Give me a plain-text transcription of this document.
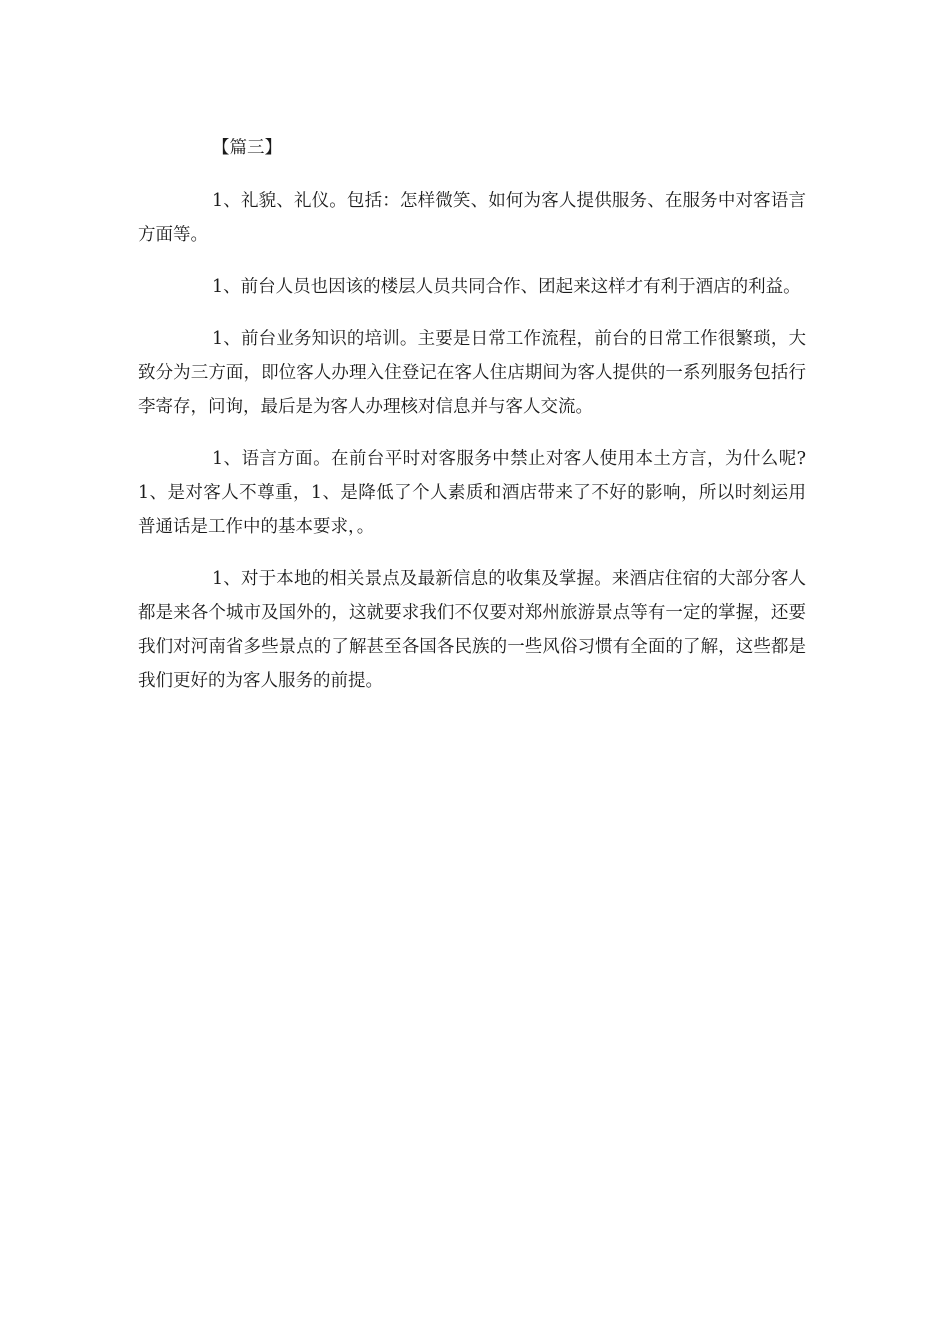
【篇三】

1、礼貌、礼仪。包括：怎样微笑、如何为客人提供服务、在服务中对客语言方面等。

1、前台人员也因该的楼层人员共同合作、团起来这样才有利于酒店的利益。

1、前台业务知识的培训。主要是日常工作流程，前台的日常工作很繁琐，大致分为三方面，即位客人办理入住登记在客人住店期间为客人提供的一系列服务包括行李寄存，问询，最后是为客人办理核对信息并与客人交流。

1、语言方面。在前台平时对客服务中禁止对客人使用本土方言，为什么呢?1、是对客人不尊重，1、是降低了个人素质和酒店带来了不好的影响，所以时刻运用普通话是工作中的基本要求，。

1、对于本地的相关景点及最新信息的收集及掌握。来酒店住宿的大部分客人都是来各个城市及国外的，这就要求我们不仅要对郑州旅游景点等有一定的掌握，还要我们对河南省多些景点的了解甚至各国各民族的一些风俗习惯有全面的了解，这些都是我们更好的为客人服务的前提。
